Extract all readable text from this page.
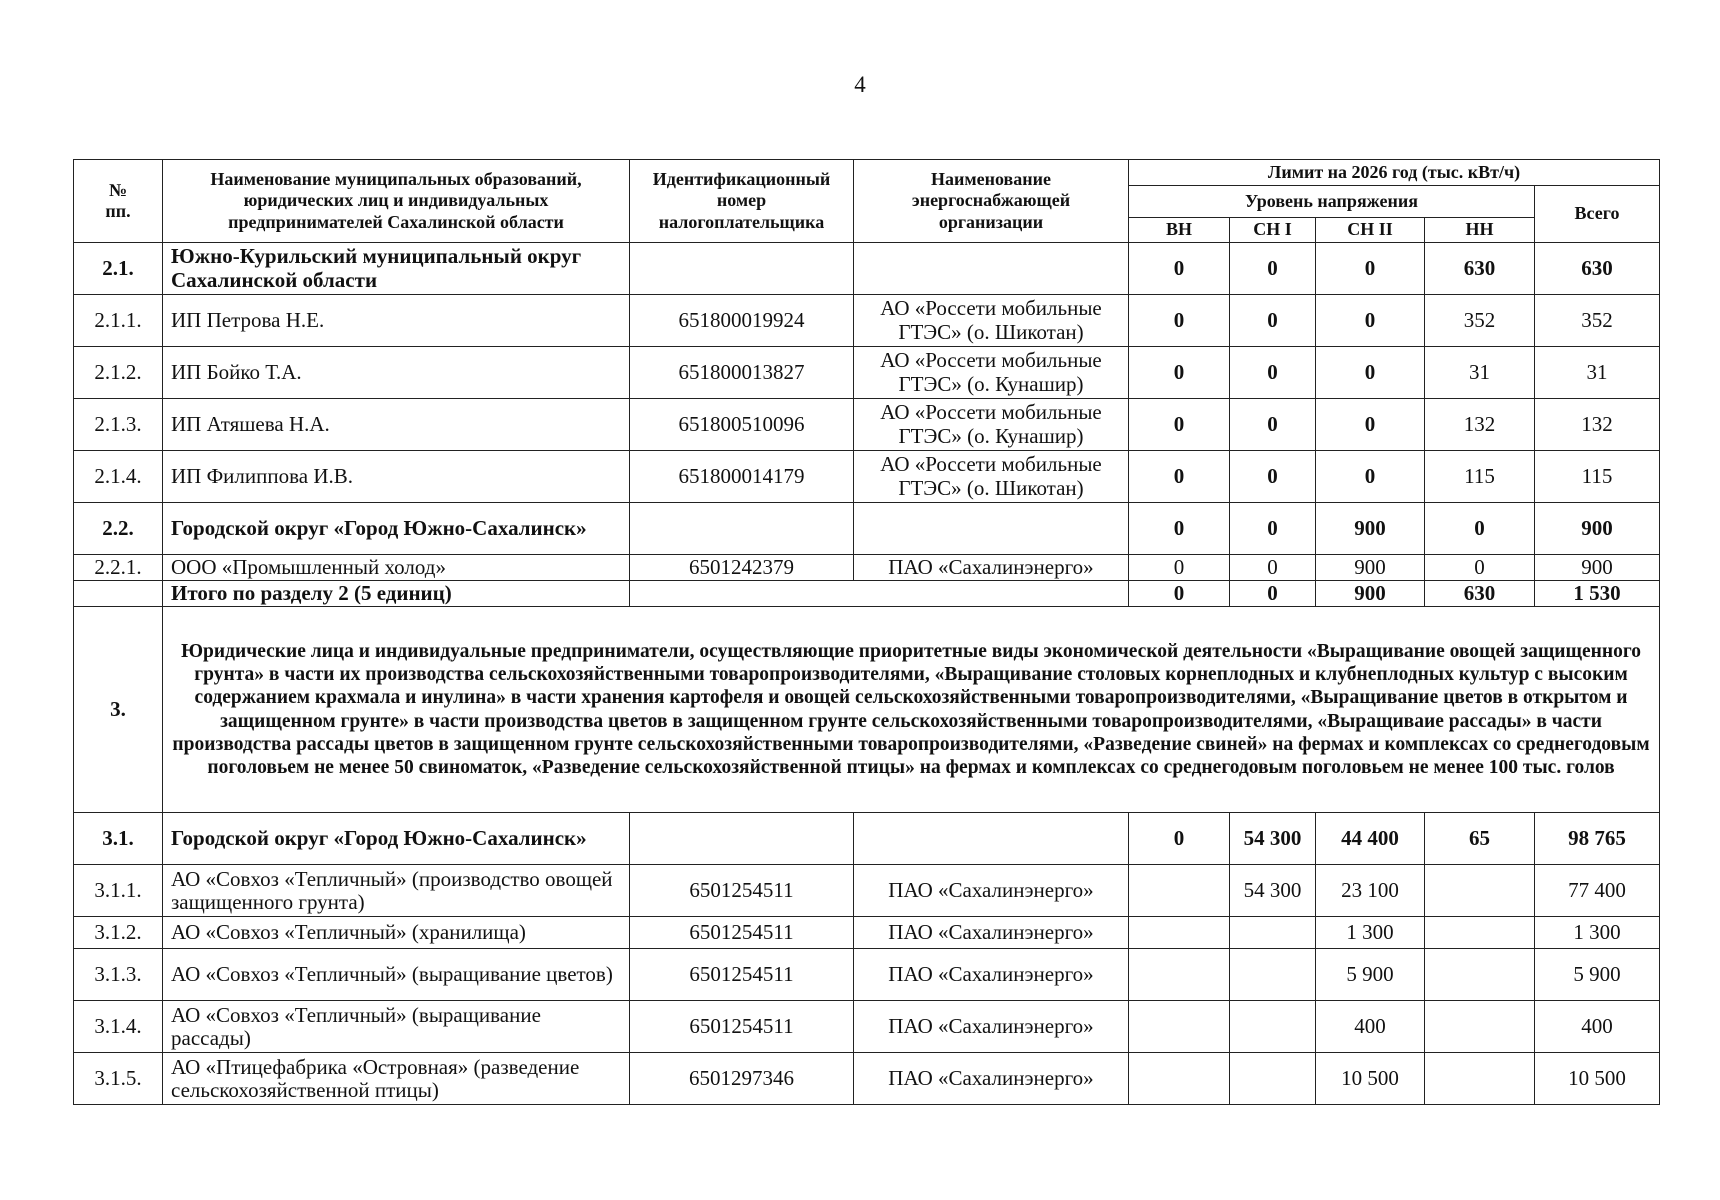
4
№
пп.	Наименование муниципальных образований, юридических лиц и индивидуальных предпринимателей Сахалинской области	Идентификационный номер налогоплательщика	Наименование энергоснабжающей организации	Лимит на 2026 год (тыс. кВт/ч)				
				Уровень напряжения				Всего
				ВН	СН I	СН II	НН	
2.1.	Южно-Курильский муниципальный округ Сахалинской области			0	0	0	630	630
2.1.1.	ИП Петрова Н.Е.	651800019924	АО «Россети мобильные ГТЭС» (о. Шикотан)	0	0	0	352	352
2.1.2.	ИП Бойко Т.А.	651800013827	АО «Россети мобильные ГТЭС» (о. Кунашир)	0	0	0	31	31
2.1.3.	ИП Атяшева Н.А.	651800510096	АО «Россети мобильные ГТЭС» (о. Кунашир)	0	0	0	132	132
2.1.4.	ИП Филиппова И.В.	651800014179	АО «Россети мобильные ГТЭС» (о. Шикотан)	0	0	0	115	115
2.2.	Городской округ «Город Южно-Сахалинск»			0	0	900	0	900
2.2.1.	ООО «Промышленный холод»	6501242379	ПАО «Сахалинэнерго»	0	0	900	0	900
	Итого по разделу 2 (5 единиц)			0	0	900	630	1 530
3.	Юридические лица и индивидуальные предприниматели, осуществляющие приоритетные виды экономической деятельности «Выращивание овощей защищенного грунта» в части их производства сельскохозяйственными товаропроизводителями, «Выращивание столовых корнеплодных и клубнеплодных культур с высоким содержанием крахмала и инулина» в части хранения картофеля и овощей сельскохозяйственными товаропроизводителями, «Выращивание цветов в открытом и защищенном грунте» в части производства цветов в защищенном грунте сельскохозяйственными товаропроизводителями, «Выращиваие рассады» в части производства рассады цветов в защищенном грунте сельскохозяйственными товаропроизводителями, «Разведение свиней» на фермах и комплексах со среднегодовым поголовьем не менее 50 свиноматок, «Разведение сельскохозяйственной птицы» на фермах и комплексах со среднегодовым поголовьем не менее 100 тыс. голов							
3.1.	Городской округ «Город Южно-Сахалинск»			0	54 300	44 400	65	98 765
3.1.1.	АО «Совхоз «Тепличный» (производство овощей защищенного грунта)	6501254511	ПАО «Сахалинэнерго»		54 300	23 100		77 400
3.1.2.	АО «Совхоз «Тепличный» (хранилища)	6501254511	ПАО «Сахалинэнерго»			1 300		1 300
3.1.3.	АО «Совхоз «Тепличный» (выращивание цветов)	6501254511	ПАО «Сахалинэнерго»			5 900		5 900
3.1.4.	АО «Совхоз «Тепличный» (выращивание рассады)	6501254511	ПАО «Сахалинэнерго»			400		400
3.1.5.	АО «Птицефабрика «Островная» (разведение сельскохозяйственной птицы)	6501297346	ПАО «Сахалинэнерго»			10 500		10 500
